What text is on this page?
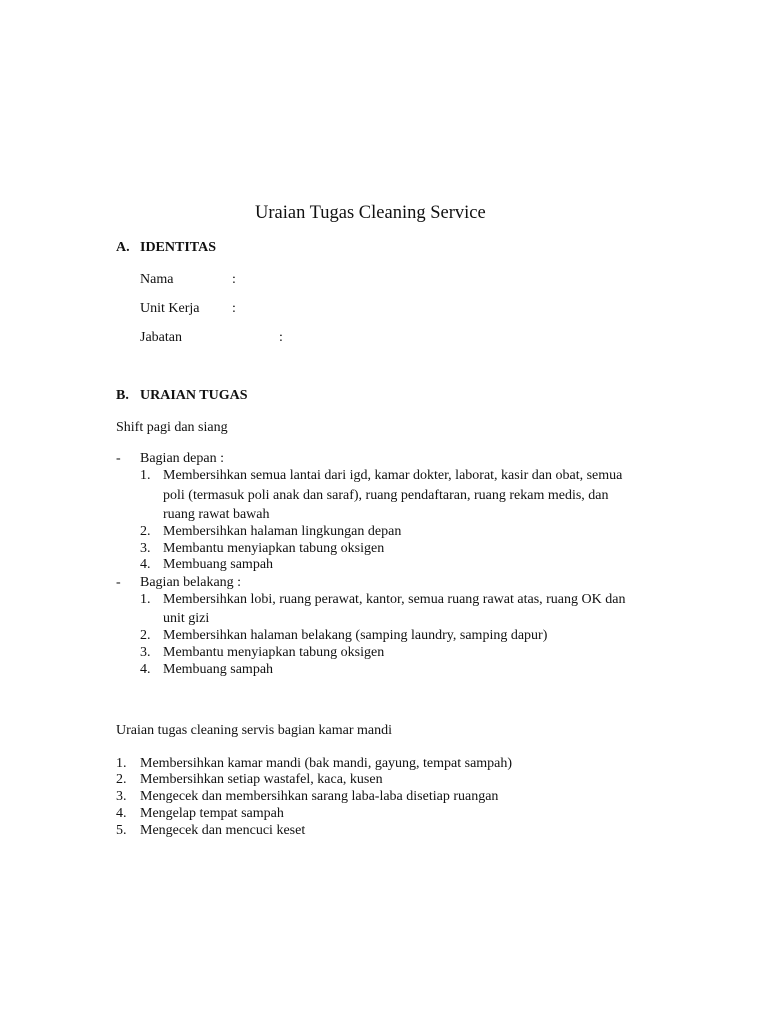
Uraian Tugas Cleaning Service
A. IDENTITAS
Nama	:
Unit Kerja :
Jabatan	:
B. URAIAN TUGAS
Shift pagi dan siang
- Bagian depan :
1. Membersihkan semua lantai dari igd, kamar dokter, laborat, kasir dan obat, semua
poli (termasuk poli anak dan saraf), ruang pendaftaran, ruang rekam medis, dan
ruang rawat bawah
2. Membersihkan halaman lingkungan depan
3. Membantu menyiapkan tabung oksigen
4. Membuang sampah
- Bagian belakang :
1. Membersihkan lobi, ruang perawat, kantor, semua ruang rawat atas, ruang OK dan
unit gizi
2. Membersihkan halaman belakang (samping laundry, samping dapur)
3. Membantu menyiapkan tabung oksigen
4. Membuang sampah
Uraian tugas cleaning servis bagian kamar mandi
1. Membersihkan kamar mandi (bak mandi, gayung, tempat sampah)
2. Membersihkan setiap wastafel, kaca, kusen
3. Mengecek dan membersihkan sarang laba-laba disetiap ruangan
4. Mengelap tempat sampah
5. Mengecek dan mencuci keset
